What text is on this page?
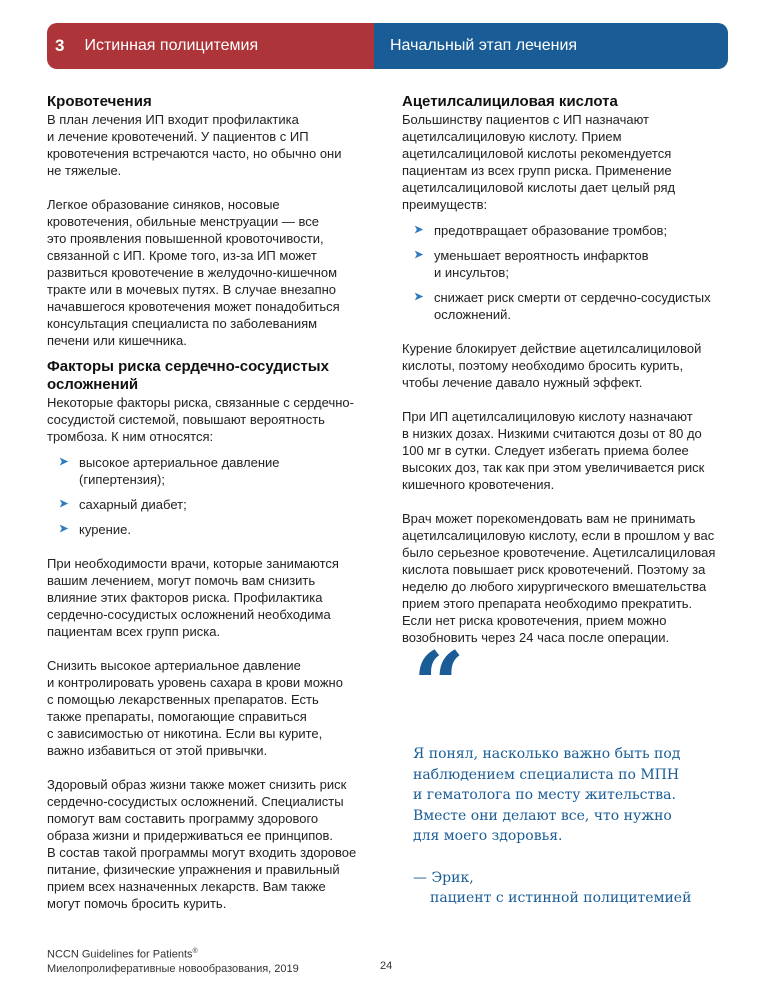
3 Истинная полицитемия	Начальный этап лечения
Кровотечения

В план лечения ИП входит профилактика
и лечение кровотечений. У пациентов с ИП
кровотечения встречаются часто, но обычно они
не тяжелые.

Легкое образование синяков, носовые
кровотечения, обильные менструации — все
это проявления повышенной кровоточивости,
связанной с ИП. Кроме того, из-за ИП может
развиться кровотечение в желудочно-кишечном
тракте или в мочевых путях. В случае внезапно
начавшегося кровотечения может понадобиться
консультация специалиста по заболеваниям
печени или кишечника.

Факторы риска сердечно-сосудистых
осложнений

Некоторые факторы риска, связанные с сердечно-
сосудистой системой, повышают вероятность
тромбоза. К ним относятся:

➤ высокое артериальное давление
(гипертензия);
➤ сахарный диабет;
➤ курение.

При необходимости врачи, которые занимаются
вашим лечением, могут помочь вам снизить
влияние этих факторов риска. Профилактика
сердечно-сосудистых осложнений необходима
пациентам всех групп риска.

Снизить высокое артериальное давление
и контролировать уровень сахара в крови можно
с помощью лекарственных препаратов. Есть
также препараты, помогающие справиться
с зависимостью от никотина. Если вы курите,
важно избавиться от этой привычки.

Здоровый образ жизни также может снизить риск
сердечно-сосудистых осложнений. Специалисты
помогут вам составить программу здорового
образа жизни и придерживаться ее принципов.
В состав такой программы могут входить здоровое
питание, физические упражнения и правильный
прием всех назначенных лекарств. Вам также
могут помочь бросить курить.

Ацетилсалициловая кислота

Большинству пациентов с ИП назначают
ацетилсалициловую кислоту. Прием
ацетилсалициловой кислоты рекомендуется
пациентам из всех групп риска. Применение
ацетилсалициловой кислоты дает целый ряд
преимуществ:

➤ предотвращает образование тромбов;
➤ уменьшает вероятность инфарктов
и инсультов;
➤ снижает риск смерти от сердечно-сосудистых
осложнений.

Курение блокирует действие ацетилсалициловой
кислоты, поэтому необходимо бросить курить,
чтобы лечение давало нужный эффект.

При ИП ацетилсалициловую кислоту назначают
в низких дозах. Низкими считаются дозы от 80 до
100 мг в сутки. Следует избегать приема более
высоких доз, так как при этом увеличивается риск
кишечного кровотечения.

Врач может порекомендовать вам не принимать
ацетилсалициловую кислоту, если в прошлом у вас
было серьезное кровотечение. Ацетилсалициловая
кислота повышает риск кровотечений. Поэтому за
неделю до любого хирургического вмешательства
прием этого препарата необходимо прекратить.
Если нет риска кровотечения, прием можно
возобновить через 24 часа после операции.

“
Я понял, насколько важно быть под
наблюдением специалиста по МПН
и гематолога по месту жительства.
Вместе они делают все, что нужно
для моего здоровья.
— Эрик,
пациент с истинной полицитемией
NCCN Guidelines for Patients®
Миелопролиферативные новообразования, 2019	24
